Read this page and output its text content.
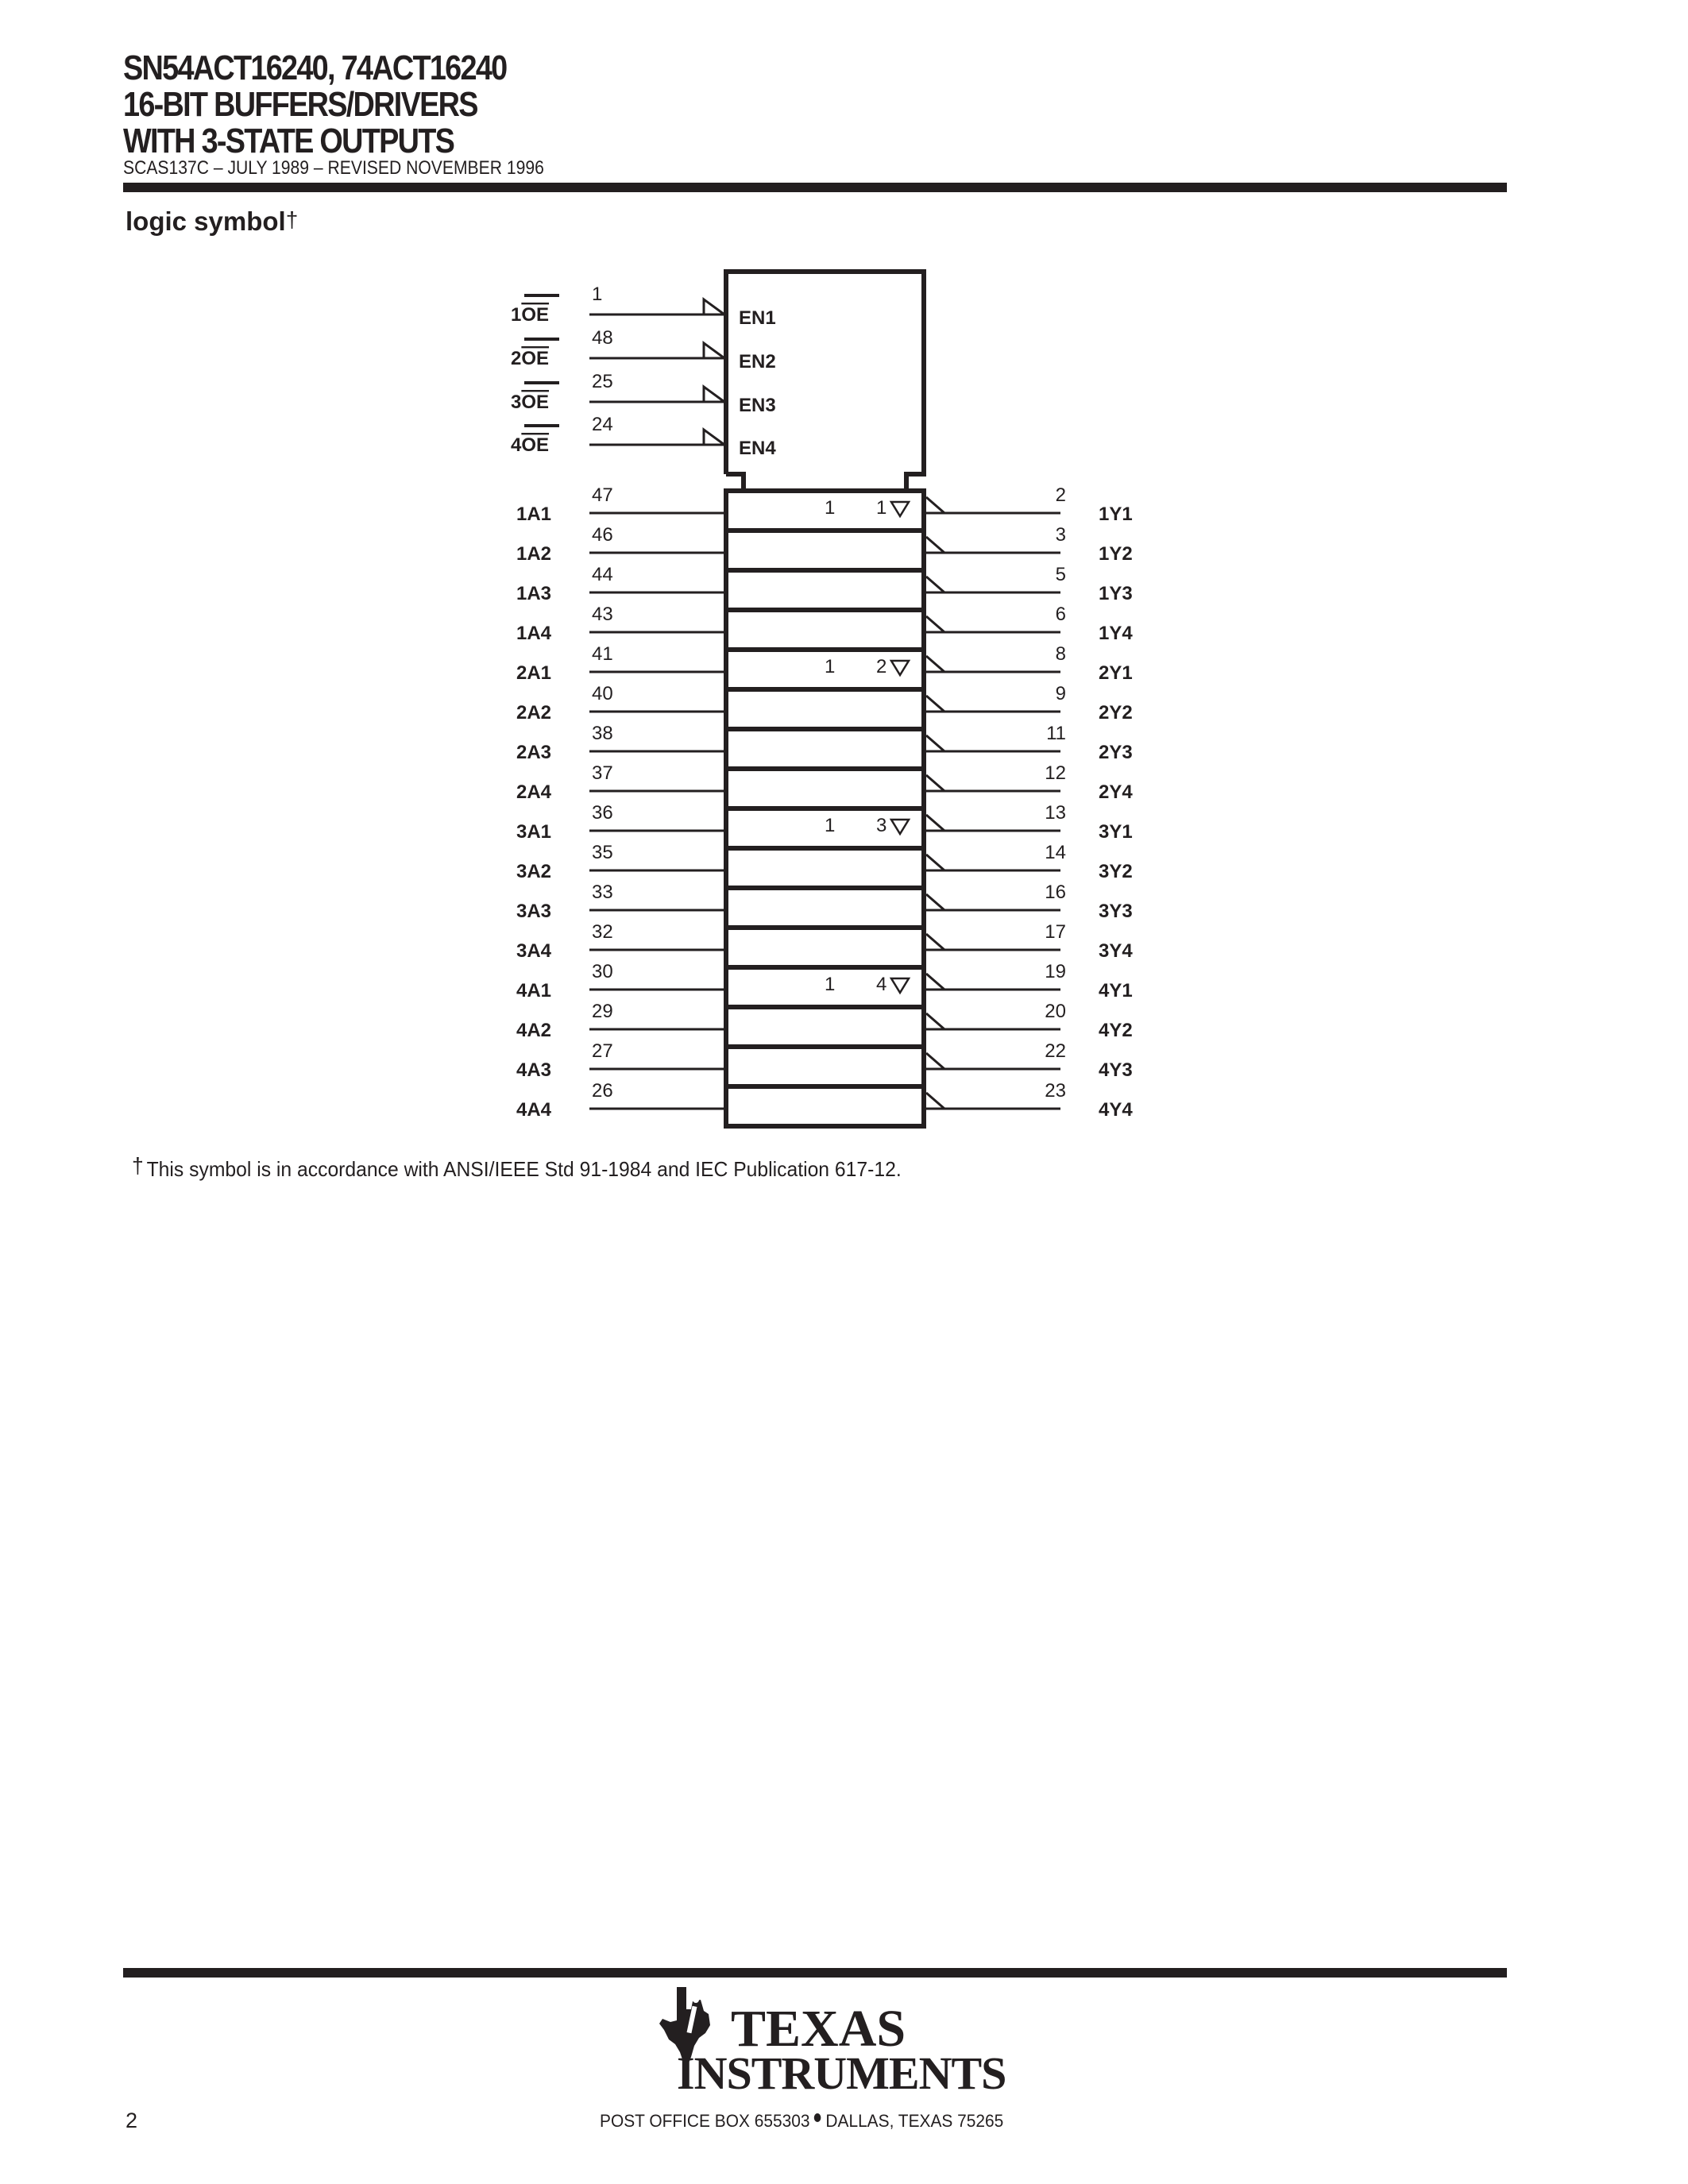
SN54ACT16240, 74ACT16240
16-BIT BUFFERS/DRIVERS
WITH 3-STATE OUTPUTS
SCAS137C – JULY 1989 – REVISED NOVEMBER 1996
logic symbol†
1OE
1
EN1
2OE
48
EN2
3OE
25
EN3
4OE
24
EN4
1A1
47	2
1Y1
1 1
1A2
46	3
1Y2
1A3
44	5
1Y3
1A4
43	6
1Y4
2A1
41	8
2Y1
1 2
2A2
40	9
2Y2
2A3
38	11
2Y3
2A4
37	12
2Y4
3A1
36	13
3Y1
1 3
3A2
35	14
3Y2
3A3
33	16
3Y3
3A4
32	17
3Y4
4A1
30	19
4Y1
1 4
4A2
29	20
4Y2
4A3
27	22
4Y3
4A4
26	23
4Y4
† This symbol is in accordance with ANSI/IEEE Std 91-1984 and IEC Publication 617-12.
TEXAS
INSTRUMENTS
2	POST OFFICE BOX 655303 DALLAS, TEXAS 75265
